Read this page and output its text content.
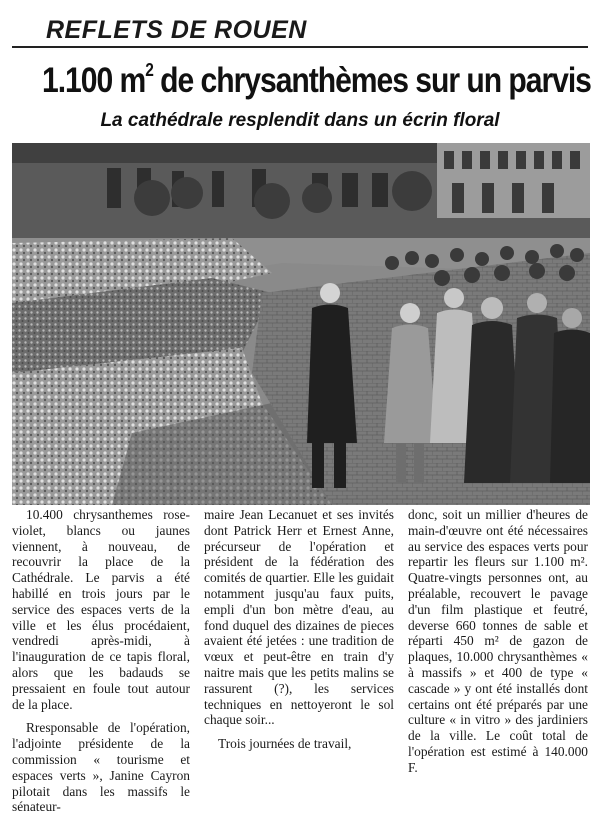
REFLETS DE ROUEN
1.100 $m^2$ de chrysanthèmes sur un parvis
La cathédrale resplendit dans un écrin floral

10.400 chrysanthemes rose-violet, blancs ou jaunes viennent, à nouveau, de recouvrir la place de la Cathédrale. Le parvis a été habillé en trois jours par le service des espaces verts de la ville et les élus procédaient, vendredi après-midi, à l'inauguration de ce tapis floral, alors que les badauds se pressaient en foule tout autour de la place.

Rresponsable de l'opération, l'adjointe présidente de la commission « tourisme et espaces verts », Janine Cayron pilotait dans les massifs le sénateur-

maire Jean Lecanuet et ses invités dont Patrick Herr et Ernest Anne, précurseur de l'opération et président de la fédération des comités de quartier. Elle les guidait notamment jusqu'au faux puits, empli d'un bon mètre d'eau, au fond duquel des dizaines de pieces avaient été jetées : une tradition de vœux et peut-être en train d'y naitre mais que les petits malins se rassurent (?), les services techniques en nettoyeront le sol chaque soir...

Trois journées de travail,

donc, soit un millier d'heures de main-d'œuvre ont été nécessaires au service des espaces verts pour repartir les fleurs sur 1.100 m². Quatre-vingts personnes ont, au préalable, recouvert le pavage d'un film plastique et feutré, deverse 660 tonnes de sable et réparti 450 m² de gazon de plaques, 10.000 chrysanthèmes « à massifs » et 400 de type « cascade » y ont été installés dont certains ont été préparés par une culture « in vitro » des jardiniers de la ville. Le coût total de l'opération est estimé à 140.000 F.
